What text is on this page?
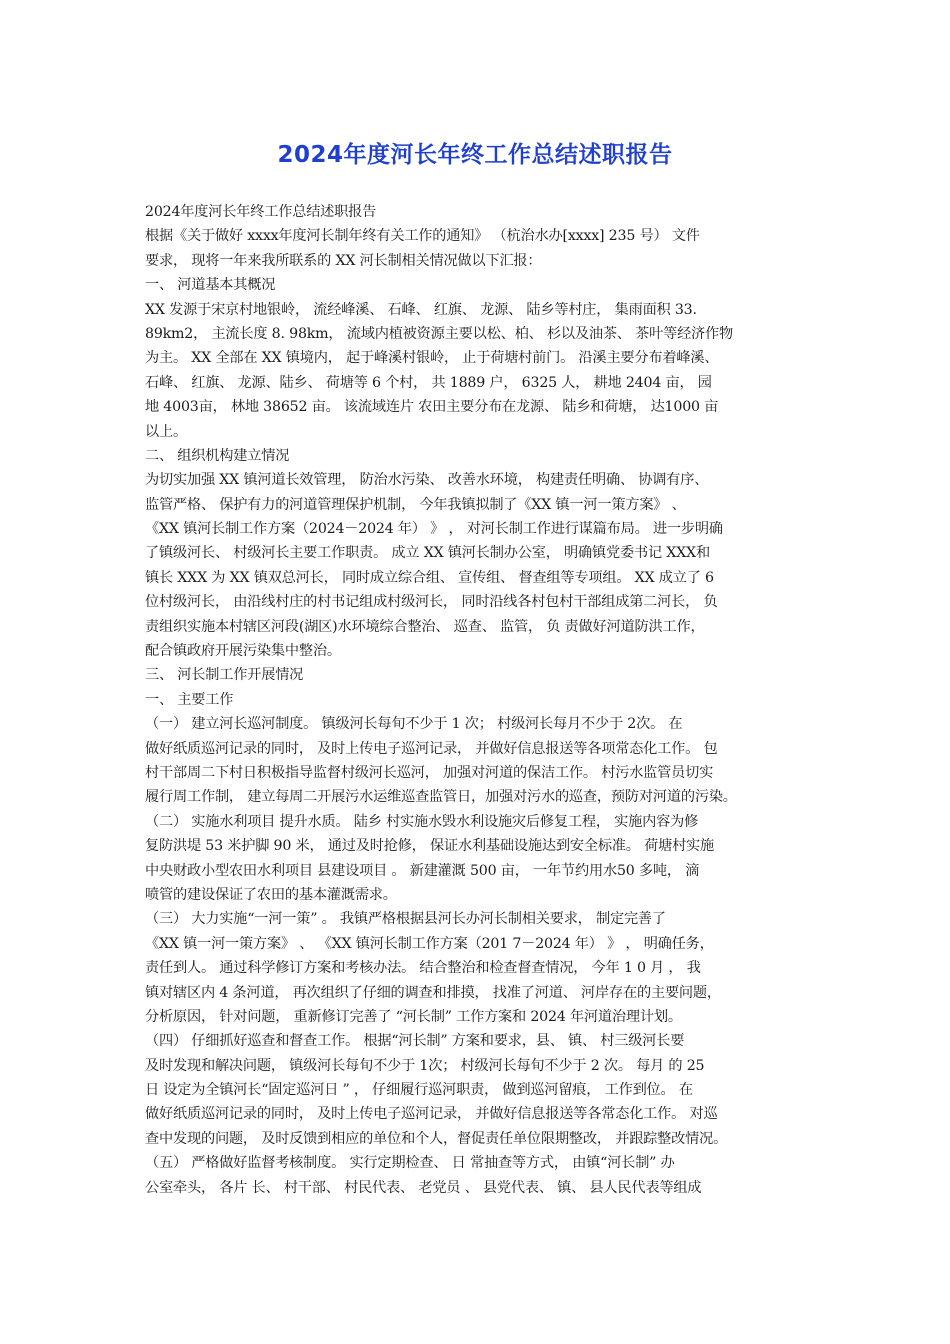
2024年度河长年终工作总结述职报告
2024年度河长年终工作总结述职报告
根据《关于做好 xxxx年度河长制年终有关工作的通知》 （杭治水办[xxxx] 235 号） 文件
要求， 现将一年来我所联系的 XX 河长制相关情况做以下汇报：
一、 河道基本其概况
XX 发源于宋京村地银岭， 流经峰溪、 石峰、 红旗、 龙源、 陆乡等村庄， 集雨面积 33.
89km2， 主流长度 8. 98km， 流域内植被资源主要以松、柏、 杉以及油茶、 茶叶等经济作物
为主。 XX 全部在 XX 镇境内， 起于峰溪村银岭， 止于荷塘村前门。 沿溪主要分布着峰溪、
石峰、 红旗、 龙源、陆乡、 荷塘等 6 个村， 共 1889 户， 6325 人， 耕地 2404 亩， 园
地 4003亩， 林地 38652 亩。 该流域连片 农田主要分布在龙源、 陆乡和荷塘， 达1000 亩
以上。
二、 组织机构建立情况
为切实加强 XX 镇河道长效管理， 防治水污染、 改善水环境， 构建责任明确、 协调有序、
监管严格、 保护有力的河道管理保护机制， 今年我镇拟制了《XX 镇一河一策方案》 、
《XX 镇河长制工作方案（2024－2024 年） 》 ， 对河长制工作进行谋篇布局。 进一步明确
了镇级河长、 村级河长主要工作职责。 成立 XX 镇河长制办公室， 明确镇党委书记 XXX和
镇长 XXX 为 XX 镇双总河长， 同时成立综合组、 宣传组、 督查组等专项组。 XX 成立了 6
位村级河长， 由沿线村庄的村书记组成村级河长， 同时沿线各村包村干部组成第二河长， 负
责组织实施本村辖区河段(湖区)水环境综合整治、 巡查、 监管， 负 责做好河道防洪工作，
配合镇政府开展污染集中整治。
三、 河长制工作开展情况
一、 主要工作
（一） 建立河长巡河制度。 镇级河长每旬不少于 1 次； 村级河长每月不少于 2次。 在
做好纸质巡河记录的同时， 及时上传电子巡河记录， 并做好信息报送等各项常态化工作。 包
村干部周二下村日积极指导监督村级河长巡河， 加强对河道的保洁工作。 村污水监管员切实
履行周工作制， 建立每周二开展污水运维巡查监管日，加强对污水的巡查，预防对河道的污染。
（二） 实施水利项目 提升水质。 陆乡 村实施水毁水利设施灾后修复工程， 实施内容为修
复防洪堤 53 米护脚 90 米， 通过及时抢修， 保证水利基础设施达到安全标准。 荷塘村实施
中央财政小型农田水利项目 县建设项目 。 新建灌溉 500 亩， 一年节约用水50 多吨， 滴
喷管的建设保证了农田的基本灌溉需求。
（三） 大力实施“一河一策” 。 我镇严格根据县河长办河长制相关要求， 制定完善了
《XX 镇一河一策方案》 、 《XX 镇河长制工作方案（201 7－2024 年） 》 ， 明确任务，
责任到人。 通过科学修订方案和考核办法。 结合整治和检查督查情况， 今年 1 0 月 ， 我
镇对辖区内 4 条河道， 再次组织了仔细的调查和排摸， 找准了河道、 河岸存在的主要问题，
分析原因， 针对问题， 重新修订完善了 “河长制” 工作方案和 2024 年河道治理计划。
（四） 仔细抓好巡查和督查工作。 根据“河长制” 方案和要求，县、 镇、 村三级河长要
及时发现和解决问题， 镇级河长每旬不少于 1次； 村级河长每旬不少于 2 次。 每月 的 25
日 设定为全镇河长“固定巡河日 ” ， 仔细履行巡河职责， 做到巡河留痕， 工作到位。 在
做好纸质巡河记录的同时， 及时上传电子巡河记录， 并做好信息报送等各常态化工作。 对巡
查中发现的问题， 及时反馈到相应的单位和个人，督促责任单位限期整改， 并跟踪整改情况。
（五） 严格做好监督考核制度。 实行定期检查、 日 常抽查等方式， 由镇“河长制” 办
公室牵头， 各片 长、 村干部、 村民代表、 老党员 、 县党代表、 镇、 县人民代表等组成
